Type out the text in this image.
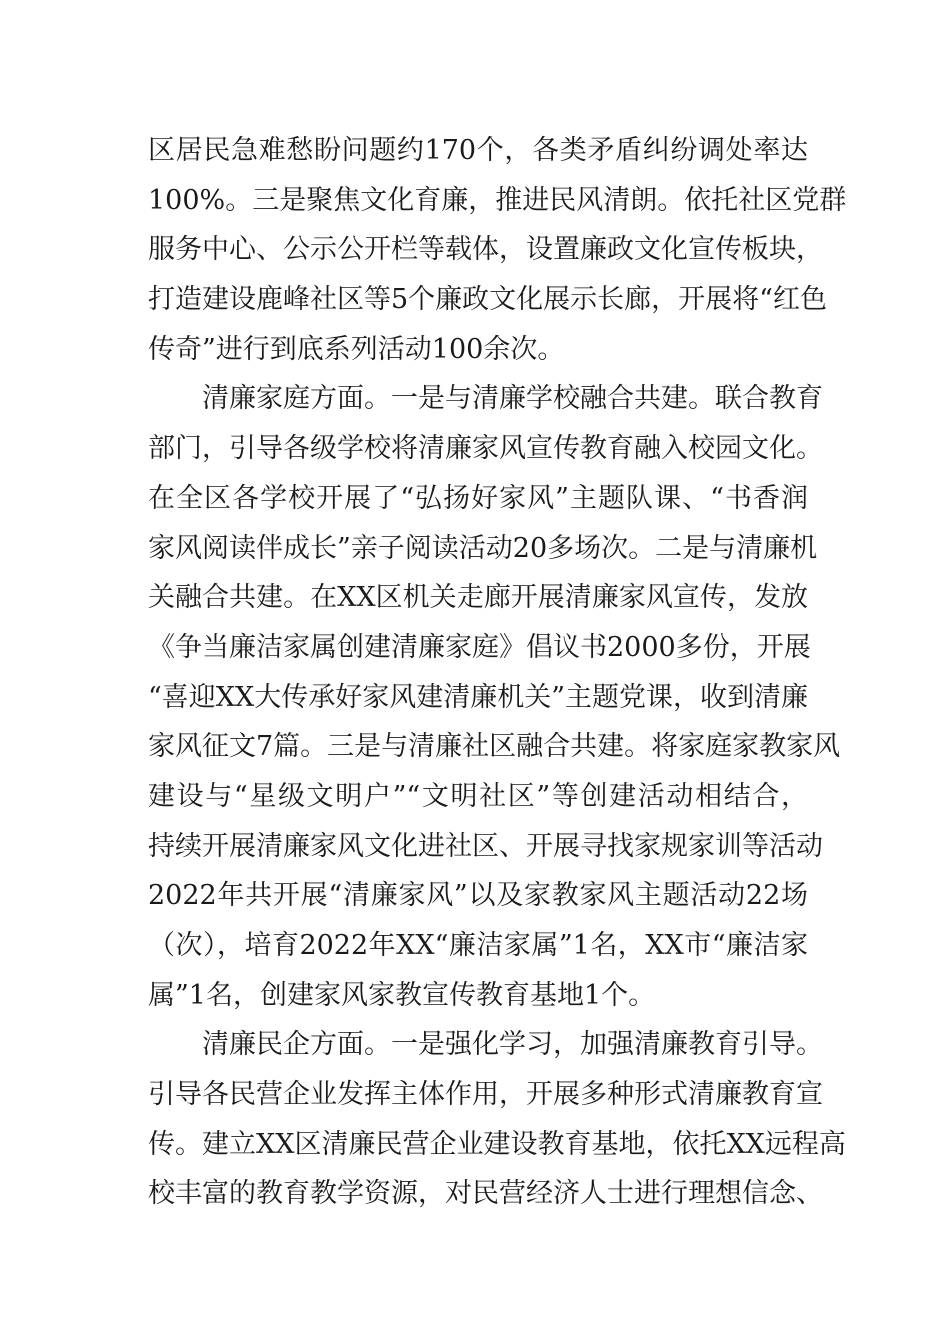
区居民急难愁盼问题约170个，各类矛盾纠纷调处率达
100%。三是聚焦文化育廉，推进民风清朗。依托社区党群
服务中心、公示公开栏等载体，设置廉政文化宣传板块，
打造建设鹿峰社区等5个廉政文化展示长廊，开展将“红色
传奇”进行到底系列活动100余次。
清廉家庭方面。一是与清廉学校融合共建。联合教育
部门，引导各级学校将清廉家风宣传教育融入校园文化。
在全区各学校开展了“弘扬好家风”主题队课、“书香润
家风阅读伴成长”亲子阅读活动20多场次。二是与清廉机
关融合共建。在XX区机关走廊开展清廉家风宣传，发放
《争当廉洁家属创建清廉家庭》倡议书2000多份，开展
“喜迎XX大传承好家风建清廉机关”主题党课，收到清廉
家风征文7篇。三是与清廉社区融合共建。将家庭家教家风
建设与“星级文明户”“文明社区”等创建活动相结合，
持续开展清廉家风文化进社区、开展寻找家规家训等活动
2022年共开展“清廉家风”以及家教家风主题活动22场
（次），培育2022年XX“廉洁家属”1名，XX市“廉洁家
属”1名，创建家风家教宣传教育基地1个。
清廉民企方面。一是强化学习，加强清廉教育引导。
引导各民营企业发挥主体作用，开展多种形式清廉教育宣
传。建立XX区清廉民营企业建设教育基地，依托XX远程高
校丰富的教育教学资源，对民营经济人士进行理想信念、
